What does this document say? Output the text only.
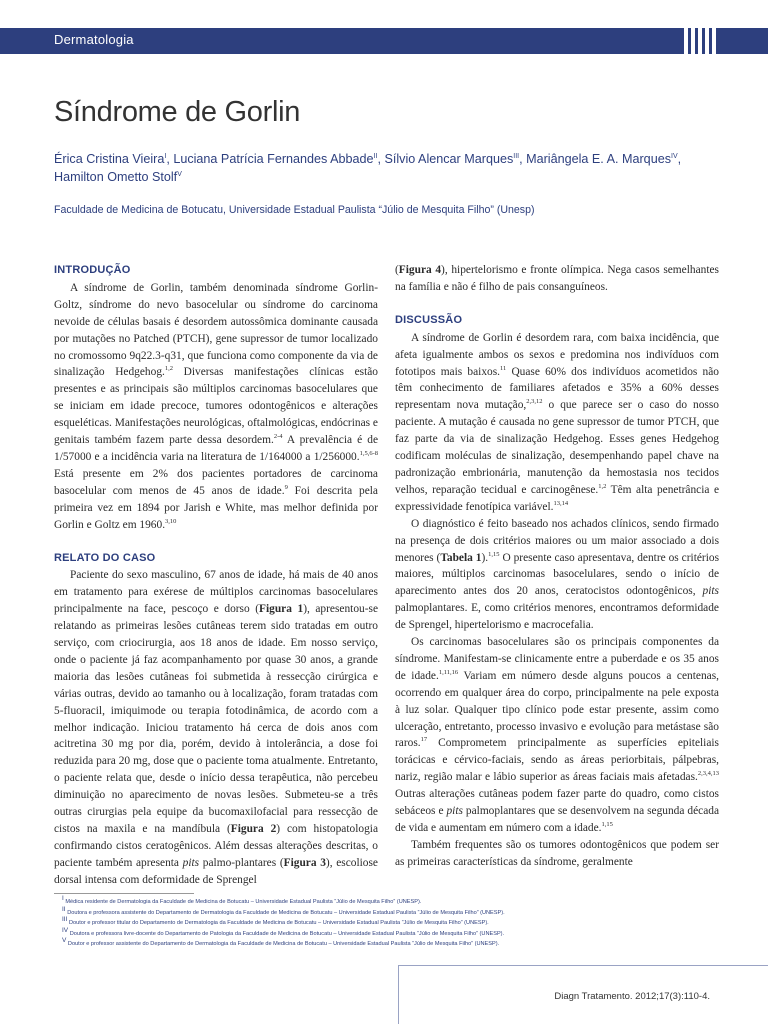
Dermatologia
Síndrome de Gorlin
Érica Cristina Vieira$^I$, Luciana Patrícia Fernandes Abbade$^{II}$, Sílvio Alencar Marques$^{III}$, Mariângela E. A. Marques$^{IV}$,
Hamilton Ometto Stolf$^V$
Faculdade de Medicina de Botucatu, Universidade Estadual Paulista “Júlio de Mesquita Filho” (Unesp)
INTRODUÇÃO

A síndrome de Gorlin, também denominada síndrome Gorlin-Goltz, síndrome do nevo basocelular ou síndrome do carcinoma nevoide de células basais é desordem autossômica dominante causada por mutações no Patched (PTCH), gene supressor de tumor localizado no cromossomo 9q22.3-q31, que funciona como componente da via de sinalização Hedgehog.$^{1,2}$ Diversas manifestações clínicas estão presentes e as principais são múltiplos carcinomas basocelulares que se iniciam em idade precoce, tumores odontogênicos e alterações esqueléticas. Manifestações neurológicas, oftalmológicas, endócrinas e genitais também fazem parte dessa desordem.$^{2-4}$ A prevalência é de 1/57000 e a incidência varia na literatura de 1/164000 a 1/256000.$^{1,5,6-8}$ Está presente em 2% dos pacientes portadores de carcinoma basocelular com menos de 45 anos de idade.$^9$ Foi descrita pela primeira vez em 1894 por Jarish e White, mas melhor definida por Gorlin e Goltz em 1960.$^{3,10}$

RELATO DO CASO

Paciente do sexo masculino, 67 anos de idade, há mais de 40 anos em tratamento para exérese de múltiplos carcinomas basocelulares principalmente na face, pescoço e dorso (Figura 1), apresentou-se relatando as primeiras lesões cutâneas terem sido tratadas em outro serviço, com criocirurgia, aos 18 anos de idade. Em nosso serviço, onde o paciente já faz acompanhamento por quase 30 anos, a grande maioria das lesões cutâneas foi submetida à ressecção cirúrgica e várias outras, devido ao tamanho ou à localização, foram tratadas com 5-fluoracil, imiquimode ou terapia fotodinâmica, de acordo com a melhor indicação. Iniciou tratamento há cerca de dois anos com acitretina 30 mg por dia, porém, devido à intolerância, a dose foi reduzida para 20 mg, dose que o paciente toma atualmente. Entretanto, o paciente relata que, desde o início dessa terapêutica, não percebeu diminuição no aparecimento de novas lesões. Submeteu-se a três outras cirurgias pela equipe da bucomaxilofacial para ressecção de cistos na maxila e na mandíbula (Figura 2) com histopatologia confirmando cistos ceratogênicos. Além dessas alterações descritas, o paciente também apresenta pits palmo-plantares (Figura 3), escoliose dorsal intensa com deformidade de Sprengel

(Figura 4), hipertelorismo e fronte olímpica. Nega casos semelhantes na família e não é filho de pais consanguíneos.

DISCUSSÃO

A síndrome de Gorlin é desordem rara, com baixa incidência, que afeta igualmente ambos os sexos e predomina nos indivíduos com fototipos mais baixos.$^{11}$ Quase 60% dos indivíduos acometidos não têm conhecimento de familiares afetados e 35% a 60% desses representam nova mutação,$^{2,3,12}$ o que parece ser o caso do nosso paciente. A mutação é causada no gene supressor de tumor PTCH, que faz parte da via de sinalização Hedgehog. Esses genes Hedgehog codificam moléculas de sinalização, desempenhando papel chave na padronização embrionária, manutenção da hemostasia nos tecidos velhos, reparação tecidual e carcinogênese.$^{1,2}$ Têm alta penetrância e expressividade fenotípica variável.$^{13,14}$

O diagnóstico é feito baseado nos achados clínicos, sendo firmado na presença de dois critérios maiores ou um maior associado a dois menores (Tabela 1).$^{1,15}$ O presente caso apresentava, dentre os critérios maiores, múltiplos carcinomas basocelulares, sendo o início de aparecimento antes dos 20 anos, ceratocistos odontogênicos, pits palmoplantares. E, como critérios menores, encontramos deformidade de Sprengel, hipertelorismo e macrocefalia.

Os carcinomas basocelulares são os principais componentes da síndrome. Manifestam-se clinicamente entre a puberdade e os 35 anos de idade.$^{1,11,16}$ Variam em número desde alguns poucos a centenas, ocorrendo em qualquer área do corpo, principalmente na pele exposta à luz solar. Qualquer tipo clínico pode estar presente, assim como ulceração, entretanto, processo invasivo e evolução para metástase são raros.$^{17}$ Comprometem principalmente as superfícies epiteliais torácicas e cérvico-faciais, sendo as áreas periorbitais, pálpebras, nariz, região malar e lábio superior as áreas faciais mais afetadas.$^{2,3,4,13}$ Outras alterações cutâneas podem fazer parte do quadro, como cistos sebáceos e pits palmoplantares que se desenvolvem na segunda década de vida e aumentam em número com a idade.$^{1,15}$

Também frequentes são os tumores odontogênicos que podem ser as primeiras características da síndrome, geralmente

$^I$ Médica residente de Dermatologia da Faculdade de Medicina de Botucatu – Universidade Estadual Paulista “Júlio de Mesquita Filho” (UNESP).
$^{II}$ Doutora e professora assistente do Departamento de Dermatologia da Faculdade de Medicina de Botucatu – Universidade Estadual Paulista “Júlio de Mesquita Filho” (UNESP).
$^{III}$ Doutor e professor titular do Departamento de Dermatologia da Faculdade de Medicina de Botucatu – Universidade Estadual Paulista “Júlio de Mesquita Filho” (UNESP).
$^{IV}$ Doutora e professora livre-docente do Departamento de Patologia da Faculdade de Medicina de Botucatu – Universidade Estadual Paulista “Júlio de Mesquita Filho” (UNESP).
$^V$ Doutor e professor assistente do Departamento de Dermatologia da Faculdade de Medicina de Botucatu – Universidade Estadual Paulista “Júlio de Mesquita Filho” (UNESP).
Diagn Tratamento. 2012;17(3):110-4.
